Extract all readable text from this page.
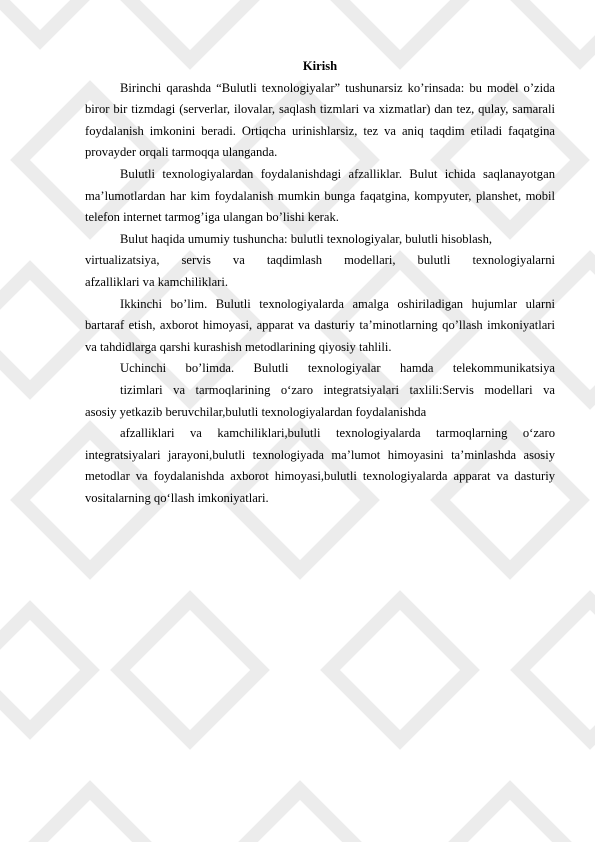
Kirish

Birinchi qarashda “Bulutli texnologiyalar” tushunarsiz ko’rinsada: bu model o’zida biror bir tizmdagi (serverlar, ilovalar, saqlash tizmlari va xizmatlar) dan tez, qulay, samarali foydalanish imkonini beradi. Ortiqcha urinishlarsiz, tez va aniq taqdim etiladi faqatgina provayder orqali tarmoqqa ulanganda.

Bulutli texnologiyalardan foydalanishdagi afzalliklar. Bulut ichida saqlanayotgan ma’lumotlardan har kim foydalanish mumkin bunga faqatgina, kompyuter, planshet, mobil telefon internet tarmog’iga ulangan bo’lishi kerak.

Bulut haqida umumiy tushuncha: bulutli texnologiyalar, bulutli hisoblash,

virtualizatsiya, servis va taqdimlash modellari, bulutli texnologiyalarni

afzalliklari va kamchiliklari.

Ikkinchi bo’lim. Bulutli texnologiyalarda amalga oshiriladigan hujumlar ularni bartaraf etish, axborot himoyasi, apparat va dasturiy ta’minotlarning qo’llash imkoniyatlari va tahdidlarga qarshi kurashish metodlarining qiyosiy tahlili.

Uchinchi bo’limda. Bulutli texnologiyalar hamda telekommunikatsiya

tizimlari va tarmoqlarining o‘zaro integratsiyalari taxlili:Servis modellari va

asosiy yetkazib beruvchilar,bulutli texnologiyalardan foydalanishda

afzalliklari va kamchiliklari,bulutli texnologiyalarda tarmoqlarning o‘zaro integratsiyalari jarayoni,bulutli texnologiyada ma’lumot himoyasini ta’minlashda asosiy metodlar va foydalanishda axborot himoyasi,bulutli texnologiyalarda apparat va dasturiy vositalarning qo‘llash imkoniyatlari.
